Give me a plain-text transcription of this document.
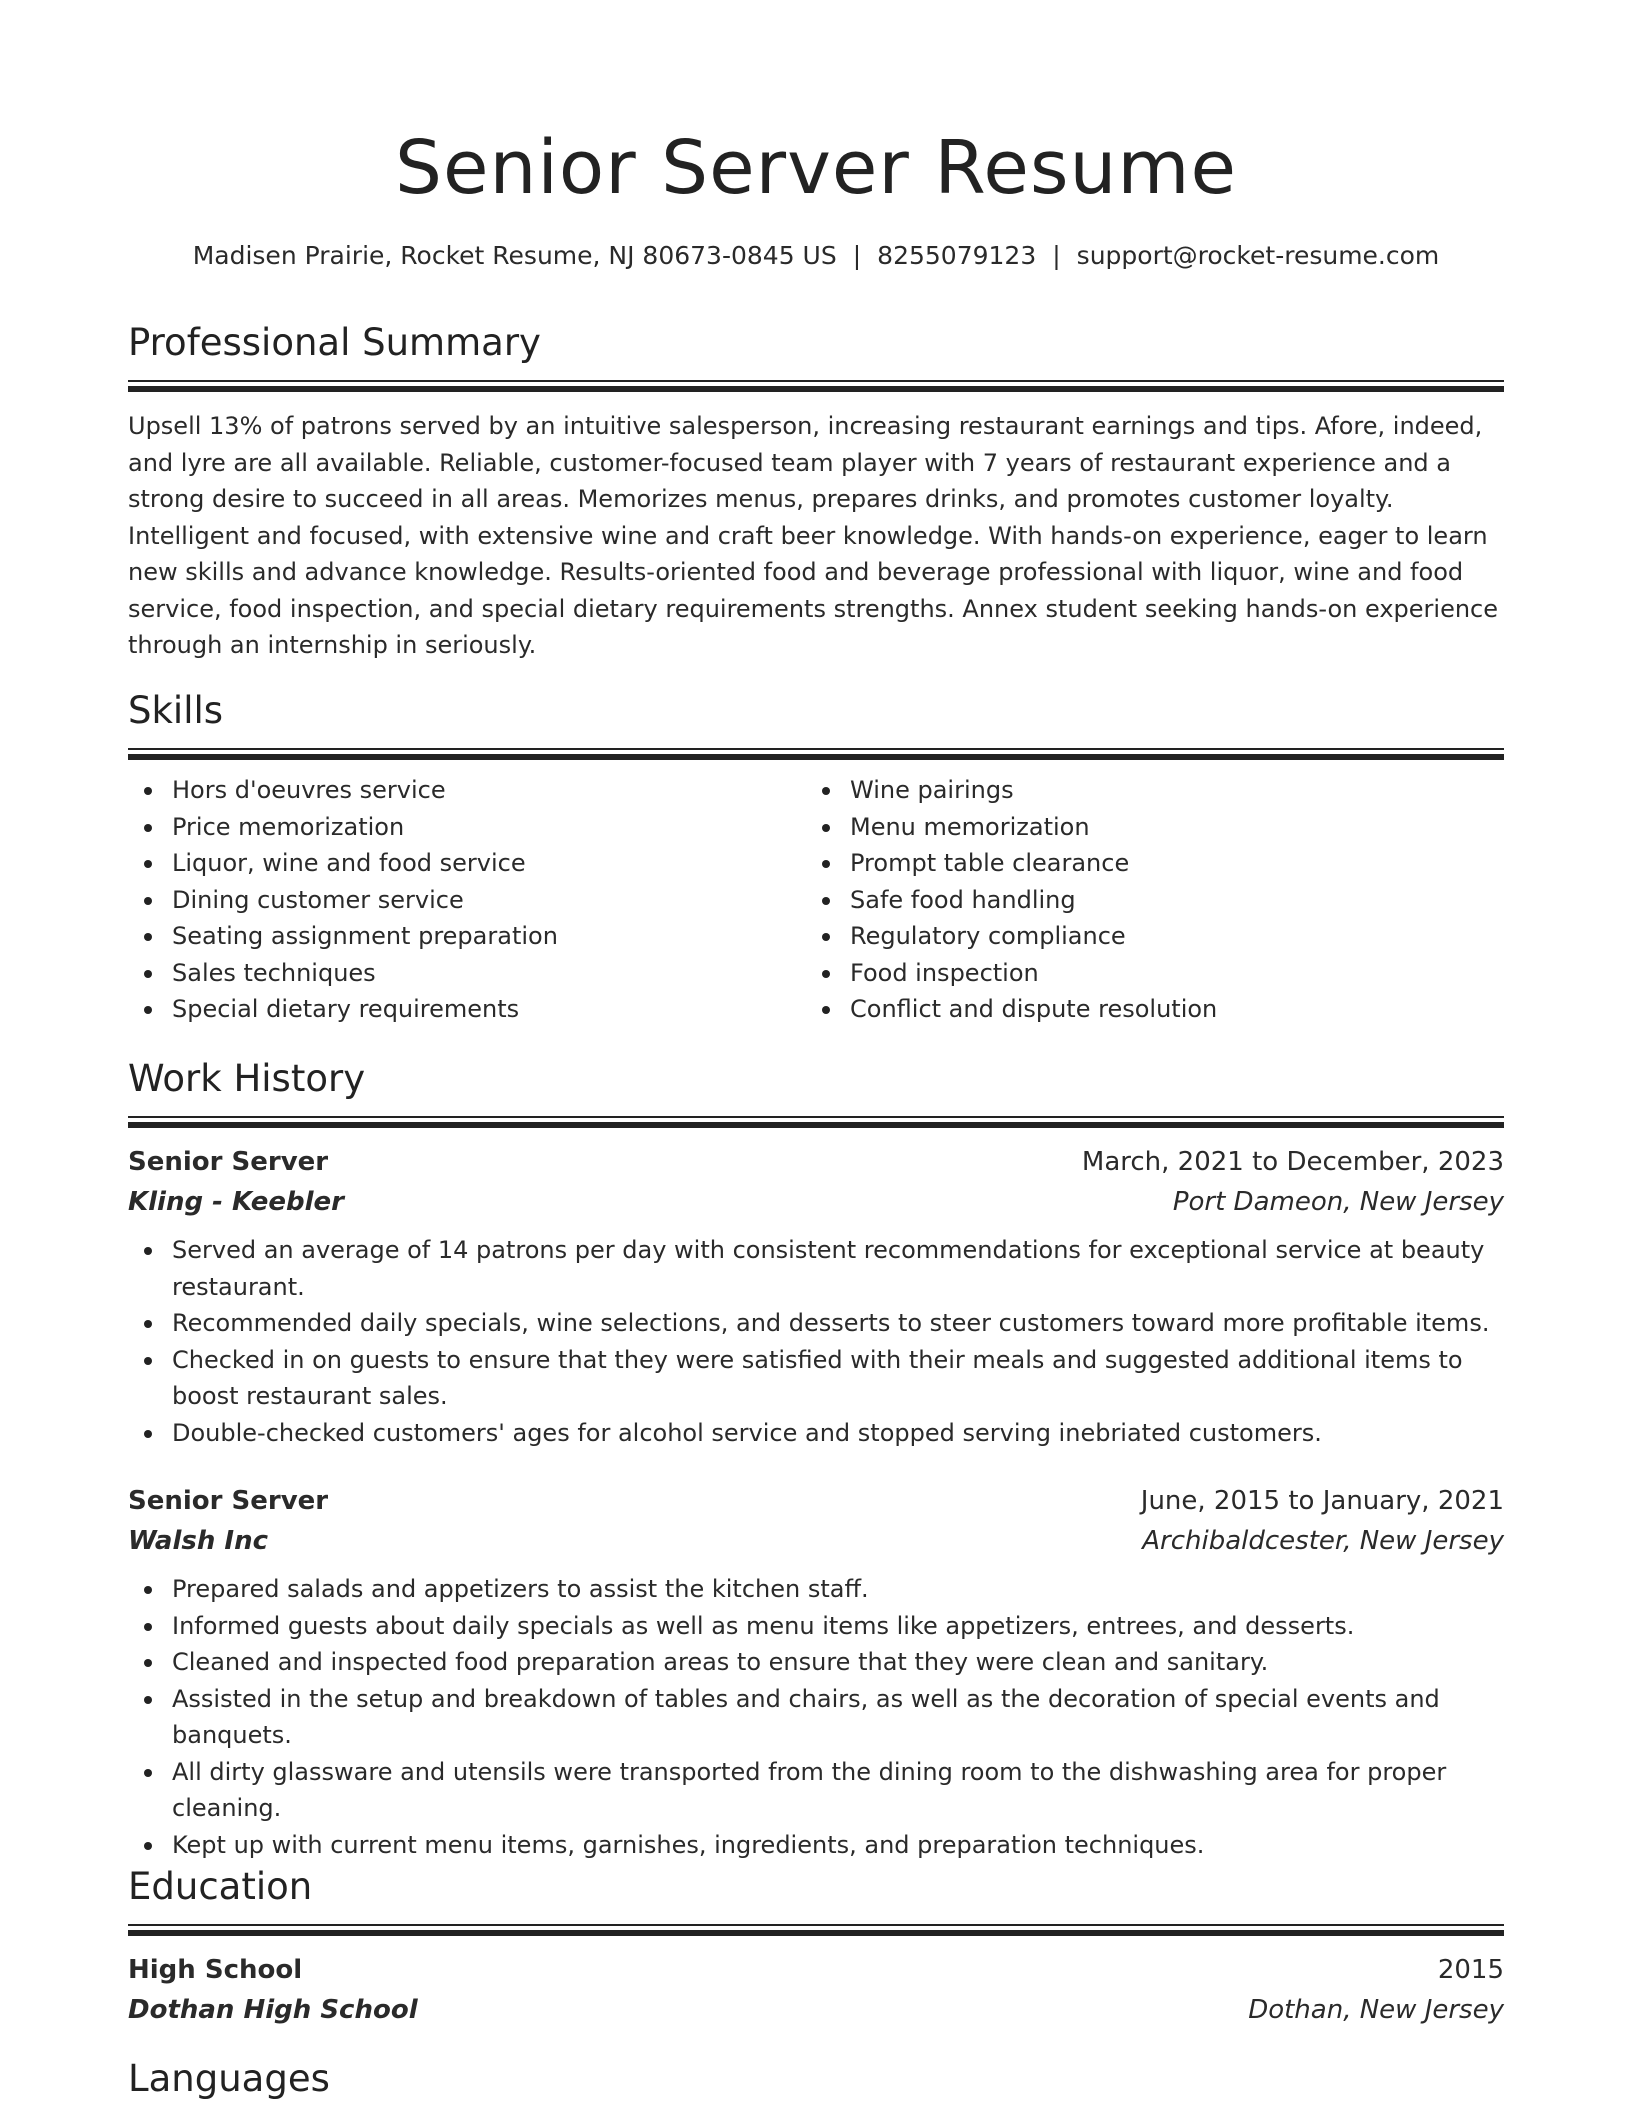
Senior Server Resume
Madisen Prairie, Rocket Resume, NJ 80673-0845 US | 8255079123 | support@rocket-resume.com
Professional Summary
Upsell 13% of patrons served by an intuitive salesperson, increasing restaurant earnings and tips. Afore, indeed, and lyre are all available. Reliable, customer-focused team player with 7 years of restaurant experience and a strong desire to succeed in all areas. Memorizes menus, prepares drinks, and promotes customer loyalty. Intelligent and focused, with extensive wine and craft beer knowledge. With hands-on experience, eager to learn new skills and advance knowledge. Results-oriented food and beverage professional with liquor, wine and food service, food inspection, and special dietary requirements strengths. Annex student seeking hands-on experience through an internship in seriously.
Skills
Hors d'oeuvres service
Price memorization
Liquor, wine and food service
Dining customer service
Seating assignment preparation
Sales techniques
Special dietary requirements
Wine pairings
Menu memorization
Prompt table clearance
Safe food handling
Regulatory compliance
Food inspection
Conflict and dispute resolution
Work History
Senior Server	March, 2021 to December, 2023
Kling - Keebler	Port Dameon, New Jersey
Served an average of 14 patrons per day with consistent recommendations for exceptional service at beauty restaurant.
Recommended daily specials, wine selections, and desserts to steer customers toward more profitable items.
Checked in on guests to ensure that they were satisfied with their meals and suggested additional items to boost restaurant sales.
Double-checked customers' ages for alcohol service and stopped serving inebriated customers.
Senior Server	June, 2015 to January, 2021
Walsh Inc	Archibaldcester, New Jersey
Prepared salads and appetizers to assist the kitchen staff.
Informed guests about daily specials as well as menu items like appetizers, entrees, and desserts.
Cleaned and inspected food preparation areas to ensure that they were clean and sanitary.
Assisted in the setup and breakdown of tables and chairs, as well as the decoration of special events and banquets.
All dirty glassware and utensils were transported from the dining room to the dishwashing area for proper cleaning.
Kept up with current menu items, garnishes, ingredients, and preparation techniques.
Education
High School	2015
Dothan High School	Dothan, New Jersey
Languages
